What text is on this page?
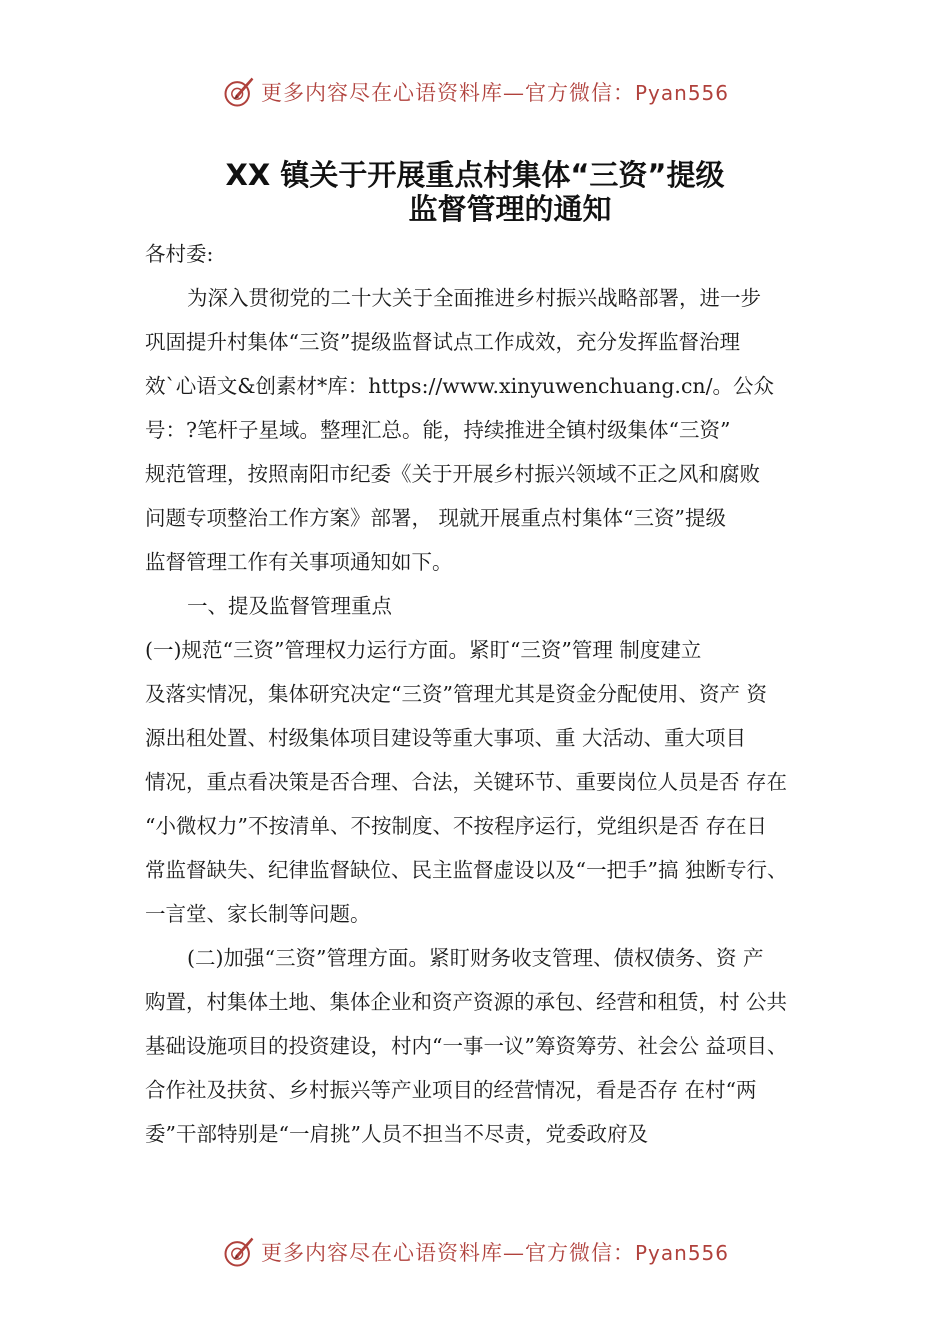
更多内容尽在心语资料库—官方微信：Pyan556
XX 镇关于开展重点村集体“三资”提级
监督管理的通知
各村委:
为深入贯彻党的二十大关于全面推进乡村振兴战略部署，进一步
巩固提升村集体“三资”提级监督试点工作成效，充分发挥监督治理
效`心语文&创素材*库：https://www.xinyuwenchuang.cn/。公众
号：?笔杆子星域。整理汇总。能，持续推进全镇村级集体“三资”
规范管理，按照南阳市纪委《关于开展乡村振兴领域不正之风和腐败
问题专项整治工作方案》部署， 现就开展重点村集体“三资”提级
监督管理工作有关事项通知如下。
一、提及监督管理重点
(一)规范“三资”管理权力运行方面。紧盯“三资”管理 制度建立
及落实情况，集体研究决定“三资”管理尤其是资金分配使用、资产 资
源出租处置、村级集体项目建设等重大事项、重 大活动、重大项目
情况，重点看决策是否合理、合法，关键环节、重要岗位人员是否 存在
“小微权力”不按清单、不按制度、不按程序运行，党组织是否 存在日
常监督缺失、纪律监督缺位、民主监督虚设以及“一把手”搞 独断专行、
一言堂、家长制等问题。
(二)加强“三资”管理方面。紧盯财务收支管理、债权债务、资 产
购置，村集体土地、集体企业和资产资源的承包、经营和租赁，村 公共
基础设施项目的投资建设，村内“一事一议”筹资筹劳、社会公 益项目、
合作社及扶贫、乡村振兴等产业项目的经营情况，看是否存 在村“两
委”干部特别是“一肩挑”人员不担当不尽责，党委政府及
更多内容尽在心语资料库—官方微信：Pyan556
